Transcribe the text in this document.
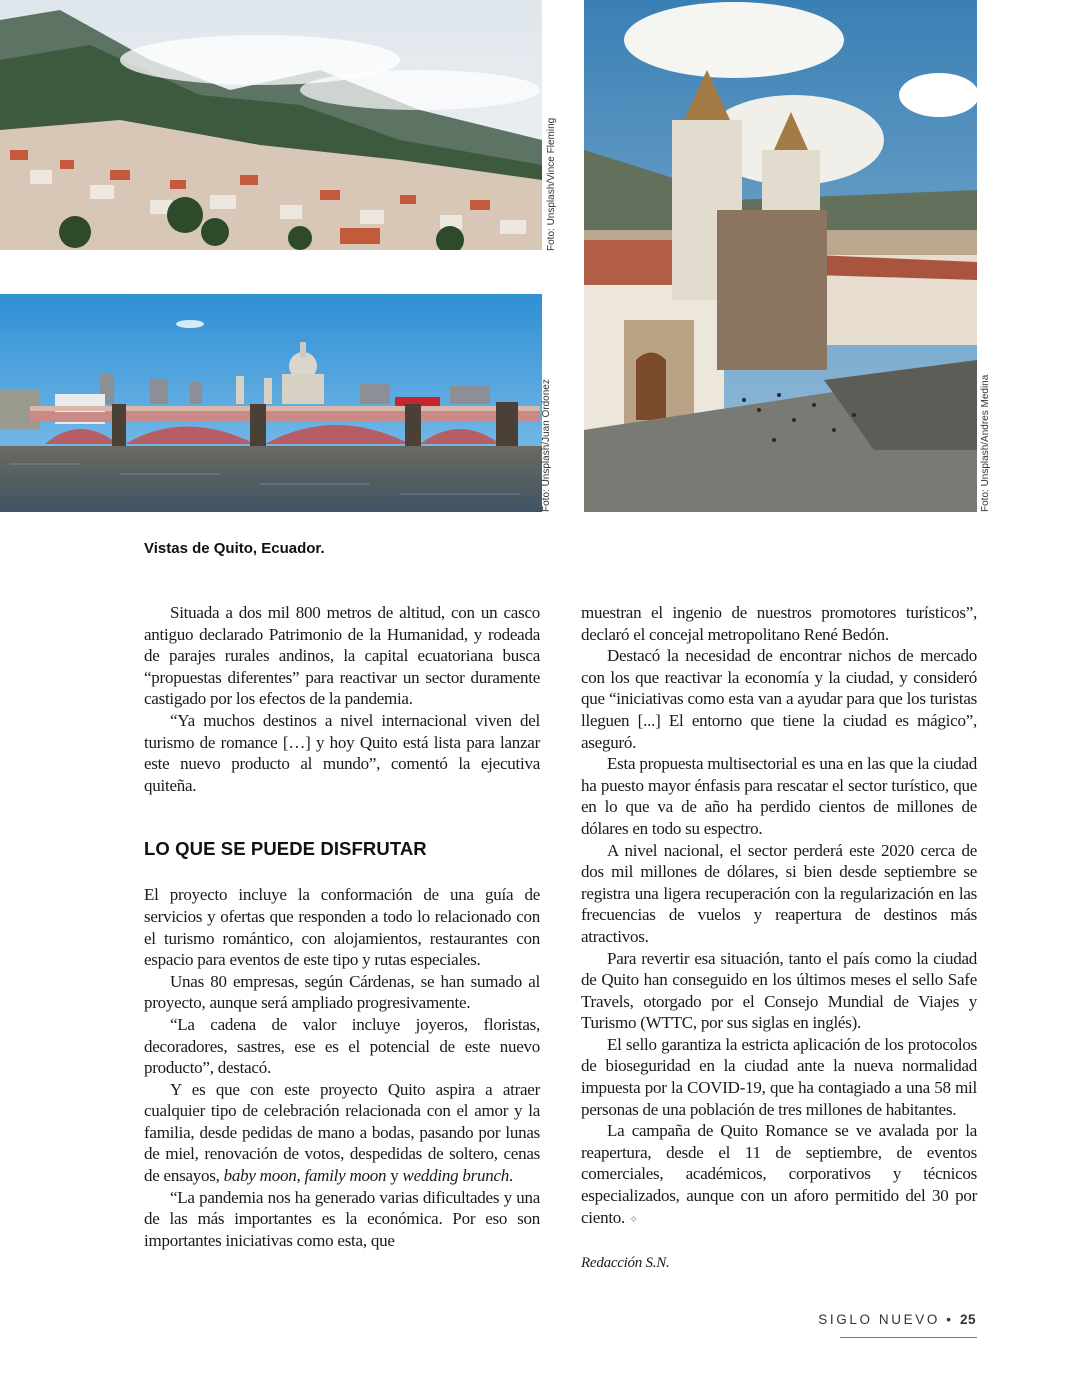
Foto: Unsplash/Vince Fleming
Foto: Unsplash/Juan Ordonez	Foto: Unsplash/Andres Medina
Vistas de Quito, Ecuador.

Situada a dos mil 800 metros de altitud, con un casco antiguo declarado Patrimonio de la Humanidad, y rodeada de parajes rurales andinos, la capital ecuatoriana busca “propuestas diferentes” para reactivar un sector duramente castigado por los efectos de la pandemia.

“Ya muchos destinos a nivel internacional viven del turismo de romance […] y hoy Quito está lista para lanzar este nuevo producto al mundo”, comentó la ejecutiva quiteña.

LO QUE SE PUEDE DISFRUTAR

El proyecto incluye la conformación de una guía de servicios y ofertas que responden a todo lo relacionado con el turismo romántico, con alojamientos, restaurantes con espacio para eventos de este tipo y rutas especiales.

Unas 80 empresas, según Cárdenas, se han sumado al proyecto, aunque será ampliado progresivamente.

“La cadena de valor incluye joyeros, floristas, decoradores, sastres, ese es el potencial de este nuevo producto”, destacó.

Y es que con este proyecto Quito aspira a atraer cualquier tipo de celebración relacionada con el amor y la familia, desde pedidas de mano a bodas, pasando por lunas de miel, renovación de votos, despedidas de soltero, cenas de ensayos, baby moon, family moon y wedding brunch.

“La pandemia nos ha generado varias dificultades y una de las más importantes es la económica. Por eso son importantes iniciativas como esta, que

muestran el ingenio de nuestros promotores turísticos”, declaró el concejal metropolitano René Bedón.

Destacó la necesidad de encontrar nichos de mercado con los que reactivar la economía y la ciudad, y consideró que “iniciativas como esta van a ayudar para que los turistas lleguen [...] El entorno que tiene la ciudad es mágico”, aseguró.

Esta propuesta multisectorial es una en las que la ciudad ha puesto mayor énfasis para rescatar el sector turístico, que en lo que va de año ha perdido cientos de millones de dólares en todo su espectro.

A nivel nacional, el sector perderá este 2020 cerca de dos mil millones de dólares, si bien desde septiembre se registra una ligera recuperación con la regularización en las frecuencias de vuelos y reapertura de destinos más atractivos.

Para revertir esa situación, tanto el país como la ciudad de Quito han conseguido en los últimos meses el sello Safe Travels, otorgado por el Consejo Mundial de Viajes y Turismo (WTTC, por sus siglas en inglés).

El sello garantiza la estricta aplicación de los protocolos de bioseguridad en la ciudad ante la nueva normalidad impuesta por la COVID-19, que ha contagiado a una 58 mil personas de una población de tres millones de habitantes.

La campaña de Quito Romance se ve avalada por la reapertura, desde el 11 de septiembre, de eventos comerciales, académicos, corporativos y técnicos especializados, aunque con un aforo permitido del 30 por ciento. ✧

Redacción S.N.

SIGLO NUEVO • 25
